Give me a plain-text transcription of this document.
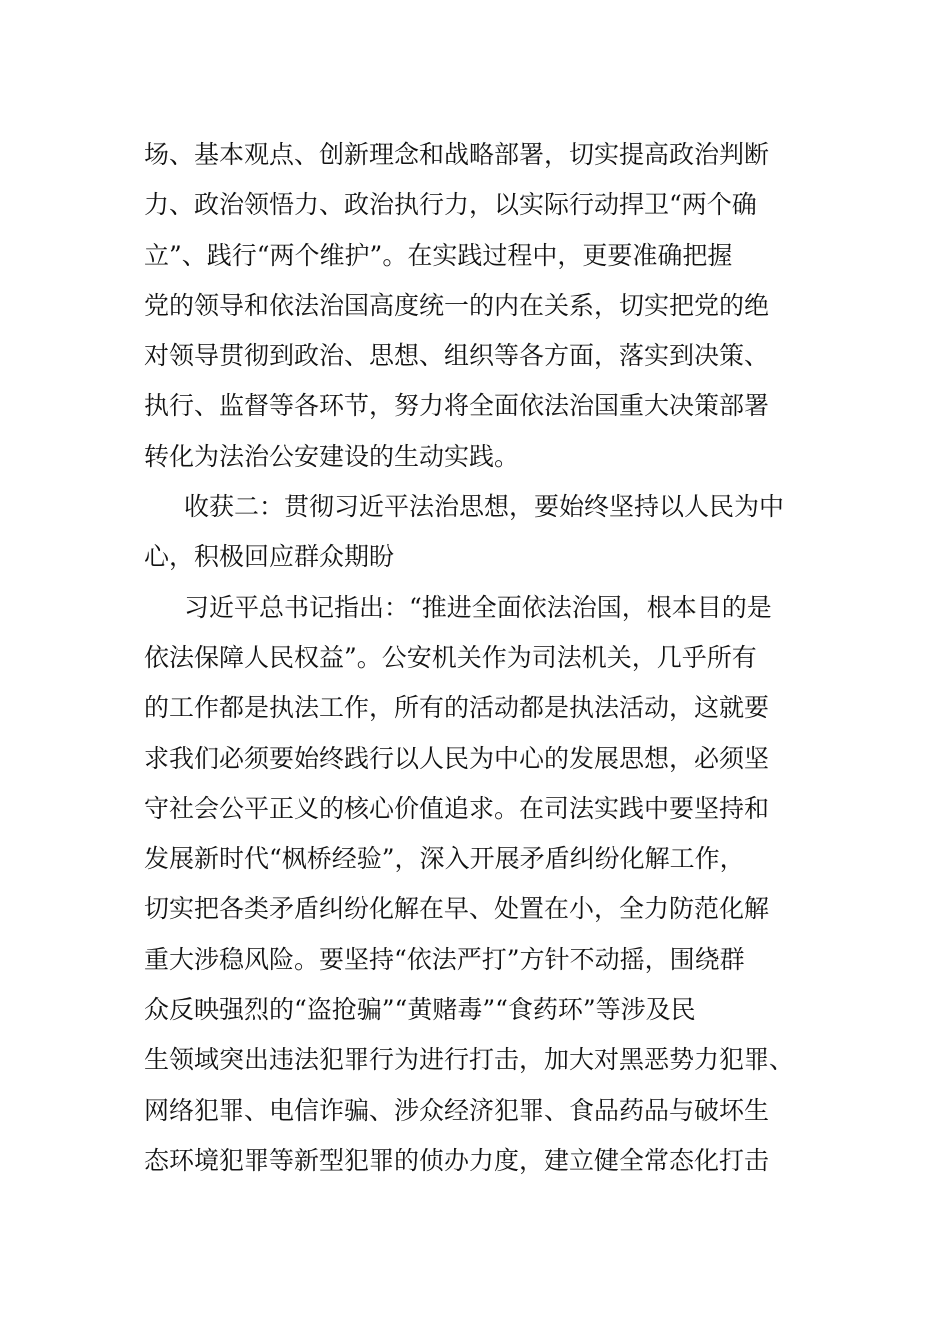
场、基本观点、创新理念和战略部署，切实提高政治判断
力、政治领悟力、政治执行力，以实际行动捍卫“两个确
立”、践行“两个维护”。在实践过程中，更要准确把握
党的领导和依法治国高度统一的内在关系，切实把党的绝
对领导贯彻到政治、思想、组织等各方面，落实到决策、
执行、监督等各环节，努力将全面依法治国重大决策部署
转化为法治公安建设的生动实践。
收获二：贯彻习近平法治思想，要始终坚持以人民为中
心，积极回应群众期盼
习近平总书记指出：“推进全面依法治国，根本目的是
依法保障人民权益”。公安机关作为司法机关，几乎所有
的工作都是执法工作，所有的活动都是执法活动，这就要
求我们必须要始终践行以人民为中心的发展思想，必须坚
守社会公平正义的核心价值追求。在司法实践中要坚持和
发展新时代“枫桥经验”，深入开展矛盾纠纷化解工作，
切实把各类矛盾纠纷化解在早、处置在小，全力防范化解
重大涉稳风险。要坚持“依法严打”方针不动摇，围绕群
众反映强烈的“盗抢骗”“黄赌毒”“食药环”等涉及民
生领域突出违法犯罪行为进行打击，加大对黑恶势力犯罪、
网络犯罪、电信诈骗、涉众经济犯罪、食品药品与破坏生
态环境犯罪等新型犯罪的侦办力度，建立健全常态化打击
